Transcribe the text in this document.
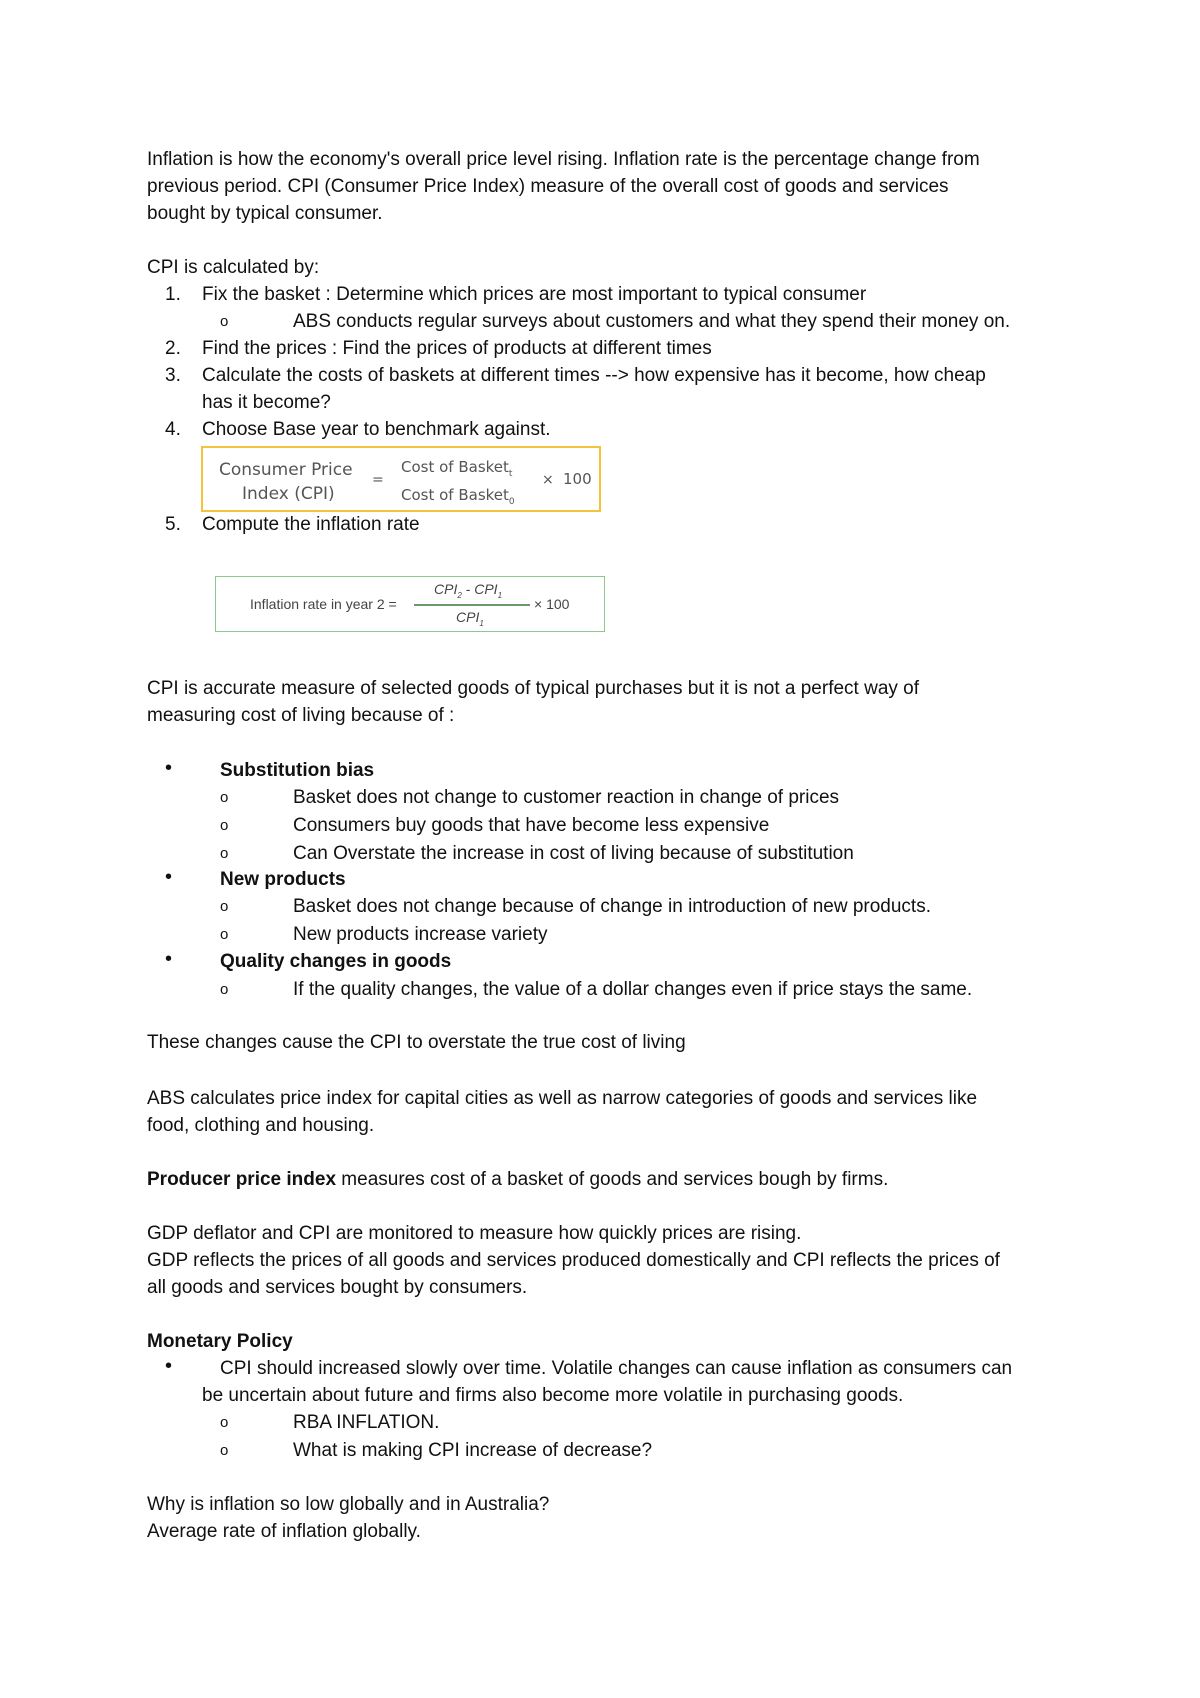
Inflation is how the economy's overall price level rising. Inflation rate is the percentage change from
previous period. CPI (Consumer Price Index) measure of the overall cost of goods and services
bought by typical consumer.
CPI is calculated by:
1. Fix the basket : Determine which prices are most important to typical consumer
o	ABS conducts regular surveys about customers and what they spend their money on.
2. Find the prices : Find the prices of products at different times
3. Calculate the costs of baskets at different times --> how expensive has it become, how cheap
has it become?
4. Choose Base year to benchmark against.
Consumer Price
Index (CPI)
=
Cost of Basket$_t$
Cost of Basket$_0$
× 100
5. Compute the inflation rate
Inflation rate in year 2 =
$CPI_2 - CPI_1$
$CPI_1$
× 100
CPI is accurate measure of selected goods of typical purchases but it is not a perfect way of
measuring cost of living because of :
•	Substitution bias
o	Basket does not change to customer reaction in change of prices
o	Consumers buy goods that have become less expensive
o	Can Overstate the increase in cost of living because of substitution
•	New products
o	Basket does not change because of change in introduction of new products.
o	New products increase variety
•	Quality changes in goods
o	If the quality changes, the value of a dollar changes even if price stays the same.
These changes cause the CPI to overstate the true cost of living
ABS calculates price index for capital cities as well as narrow categories of goods and services like
food, clothing and housing.
Producer price index measures cost of a basket of goods and services bough by firms.
GDP deflator and CPI are monitored to measure how quickly prices are rising.
GDP reflects the prices of all goods and services produced domestically and CPI reflects the prices of
all goods and services bought by consumers.
Monetary Policy
•	CPI should increased slowly over time. Volatile changes can cause inflation as consumers can
be uncertain about future and firms also become more volatile in purchasing goods.
o	RBA INFLATION.
o	What is making CPI increase of decrease?
Why is inflation so low globally and in Australia?
Average rate of inflation globally.
